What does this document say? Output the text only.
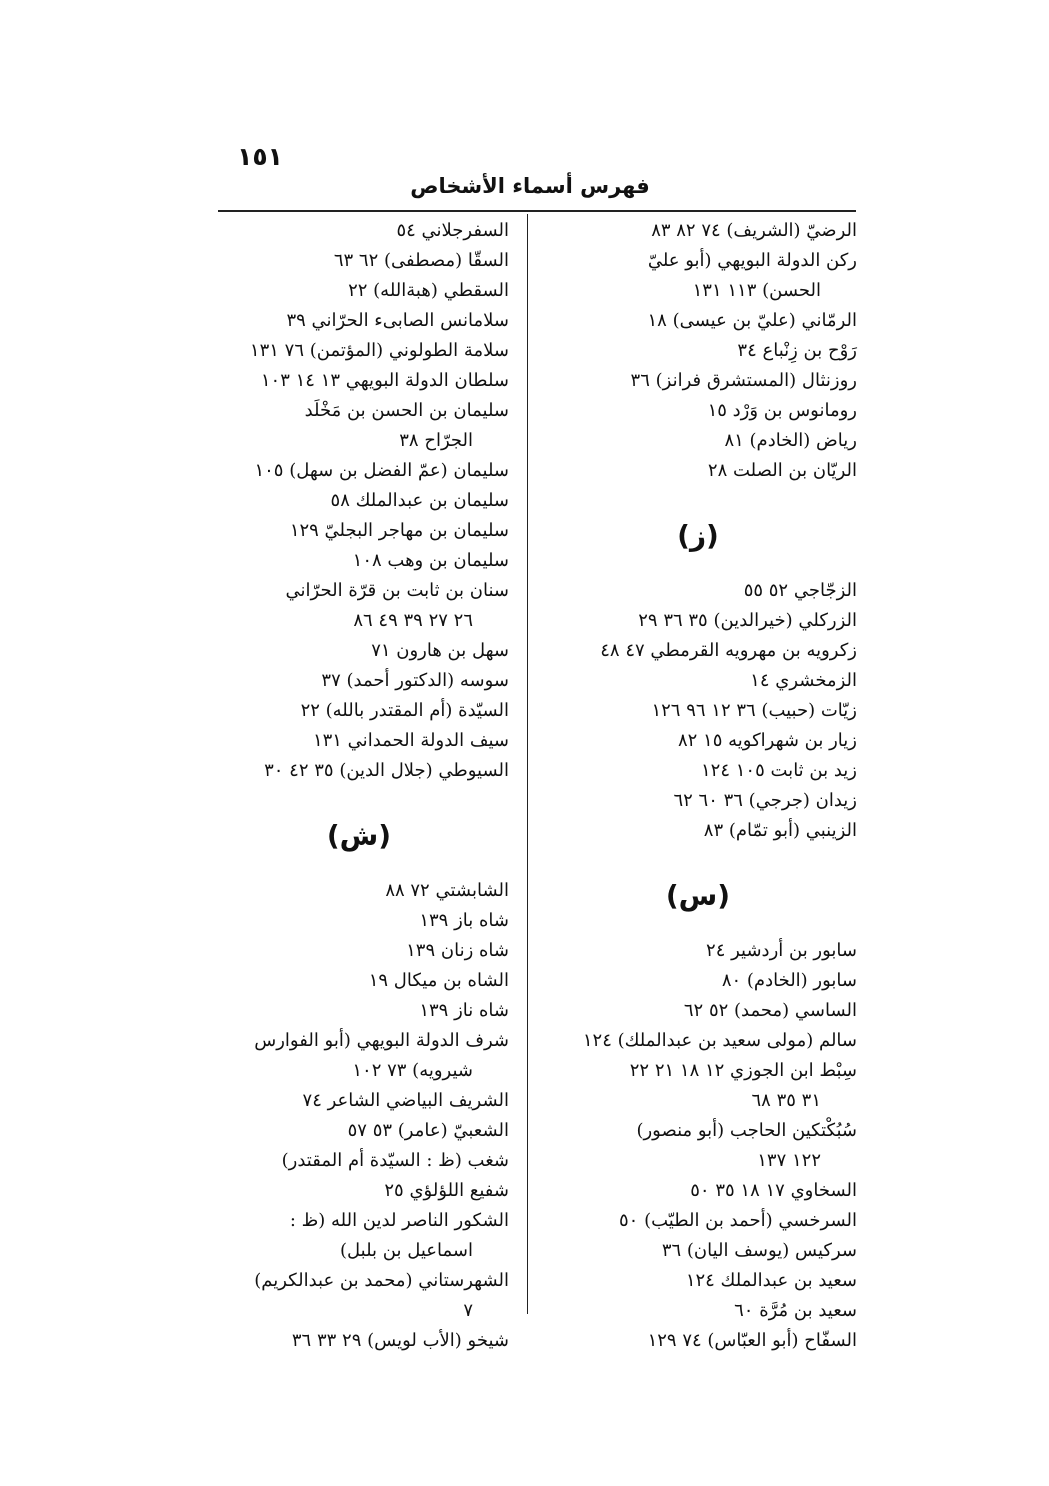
١٥١
فهرس أسماء الأشخاص
الرضيّ (الشريف) ٧٤ ٨٢ ٨٣
ركن الدولة البويهي (أبو عليّ
الحسن) ١١٣ ١٣١
الرمّاني (عليّ بن عيسى) ١٨
رَوْح بن زِنْباع ٣٤
روزنثال (المستشرق فرانز) ٣٦
رومانوس بن وَرْد ١٥
رياض (الخادم) ٨١
الريّان بن الصلت ٢٨
(ز)
الزجّاجي ٥٢ ٥٥
الزركلي (خيرالدين) ٣٥ ٣٦ ٢٩
زكرويه بن مهرويه القرمطي ٤٧ ٤٨
الزمخشري ١٤
زيّات (حبيب) ٣٦ ١٢ ٩٦ ١٢٦
زيار بن شهراكويه ١٥ ٨٢
زيد بن ثابت ١٠٥ ١٢٤
زيدان (جرجي) ٣٦ ٦٠ ٦٢
الزينبي (أبو تمّام) ٨٣
(س)
سابور بن أردشير ٢٤
سابور (الخادم) ٨٠
الساسي (محمد) ٥٢ ٦٢
سالم (مولى سعيد بن عبدالملك) ١٢٤
سِبْط ابن الجوزي ١٢ ١٨ ٢١ ٢٢
٣١ ٣٥ ٦٨
سُبُكْتكين الحاجب (أبو منصور)
١٢٢ ١٣٧
السخاوي ١٧ ١٨ ٣٥ ٥٠
السرخسي (أحمد بن الطيّب) ٥٠
سركيس (يوسف اليان) ٣٦
سعيد بن عبدالملك ١٢٤
سعيد بن مُرَّة ٦٠
السفّاح (أبو العبّاس) ٧٤ ١٢٩
السفرجلاني ٥٤
السقّا (مصطفى) ٦٢ ٦٣
السقطي (هبةالله) ٢٢
سلامانس الصابىء الحرّاني ٣٩
سلامة الطولوني (المؤتمن) ٧٦ ١٣١
سلطان الدولة البويهي ١٣ ١٤ ١٠٣
سليمان بن الحسن بن مَخْلَد
الجرّاح ٣٨
سليمان (عمّ الفضل بن سهل) ١٠٥
سليمان بن عبدالملك ٥٨
سليمان بن مهاجر البجليّ ١٢٩
سليمان بن وهب ١٠٨
سنان بن ثابت بن قرّة الحرّاني
٢٦ ٢٧ ٣٩ ٤٩ ٨٦
سهل بن هارون ٧١
سوسه (الدكتور أحمد) ٣٧
السيّدة (أم المقتدر بالله) ٢٢
سيف الدولة الحمداني ١٣١
السيوطي (جلال الدين) ٣٥ ٤٢ ٣٠
(ش)
الشابشتي ٧٢ ٨٨
شاه باز ١٣٩
شاه زنان ١٣٩
الشاه بن ميكال ١٩
شاه ناز ١٣٩
شرف الدولة البويهي (أبو الفوارس
شيرويه) ٧٣ ١٠٢
الشريف البياضي الشاعر ٧٤
الشعبيّ (عامر) ٥٣ ٥٧
شغب (ظ : السيّدة أم المقتدر)
شفيع اللؤلؤي ٢٥
الشكور الناصر لدين الله (ظ :
اسماعيل بن بلبل)
الشهرستاني (محمد بن عبدالكريم)
٧
شيخو (الأب لويس) ٢٩ ٣٣ ٣٦
